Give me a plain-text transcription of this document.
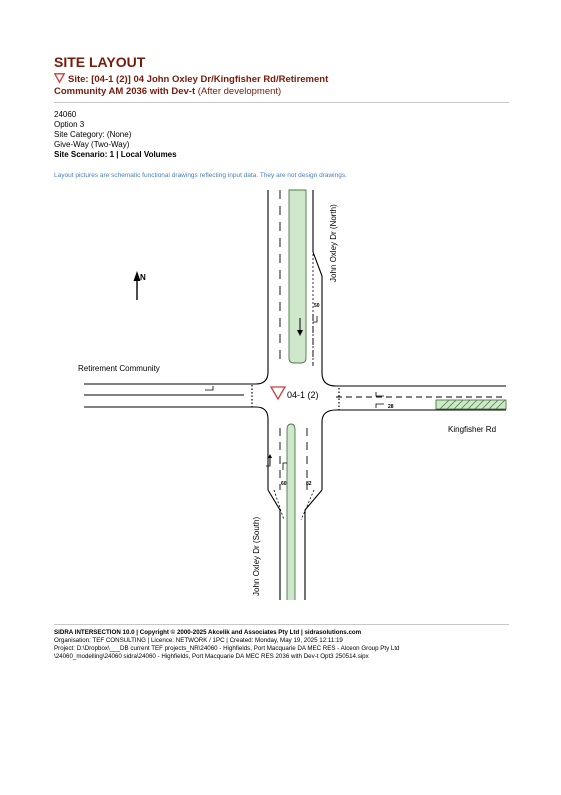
SITE LAYOUT
Site: [04-1 (2)] 04 John Oxley Dr/Kingfisher Rd/Retirement
Community AM 2036 with Dev-t (After development)
24060
Option 3
Site Category: (None)
Give-Way (Two-Way)
Site Scenario: 1 | Local Volumes
Layout pictures are schematic functional drawings reflecting input data. They are not design drawings.
N
04-1 (2)
Retirement Community
Kingfisher Rd
John Oxley Dr (North)
John Oxley Dr (South)
50
28
60	82
SIDRA INTERSECTION 10.0 | Copyright © 2000-2025 Akcelik and Associates Pty Ltd | sidrasolutions.com
Organisation: TEF CONSULTING | Licence: NETWORK / 1PC | Created: Monday, May 19, 2025 12:11:19
Project: D:\Dropbox\___DB current TEF projects_NR\24060 - Highfields, Port Macquarie DA MEC RES - Alceon Group Pty Ltd
\24060_modelling\24060 sidra\24060 - Highfields, Port Macquarie DA MEC RES 2036 with Dev-t Opt3 250514.sipx
